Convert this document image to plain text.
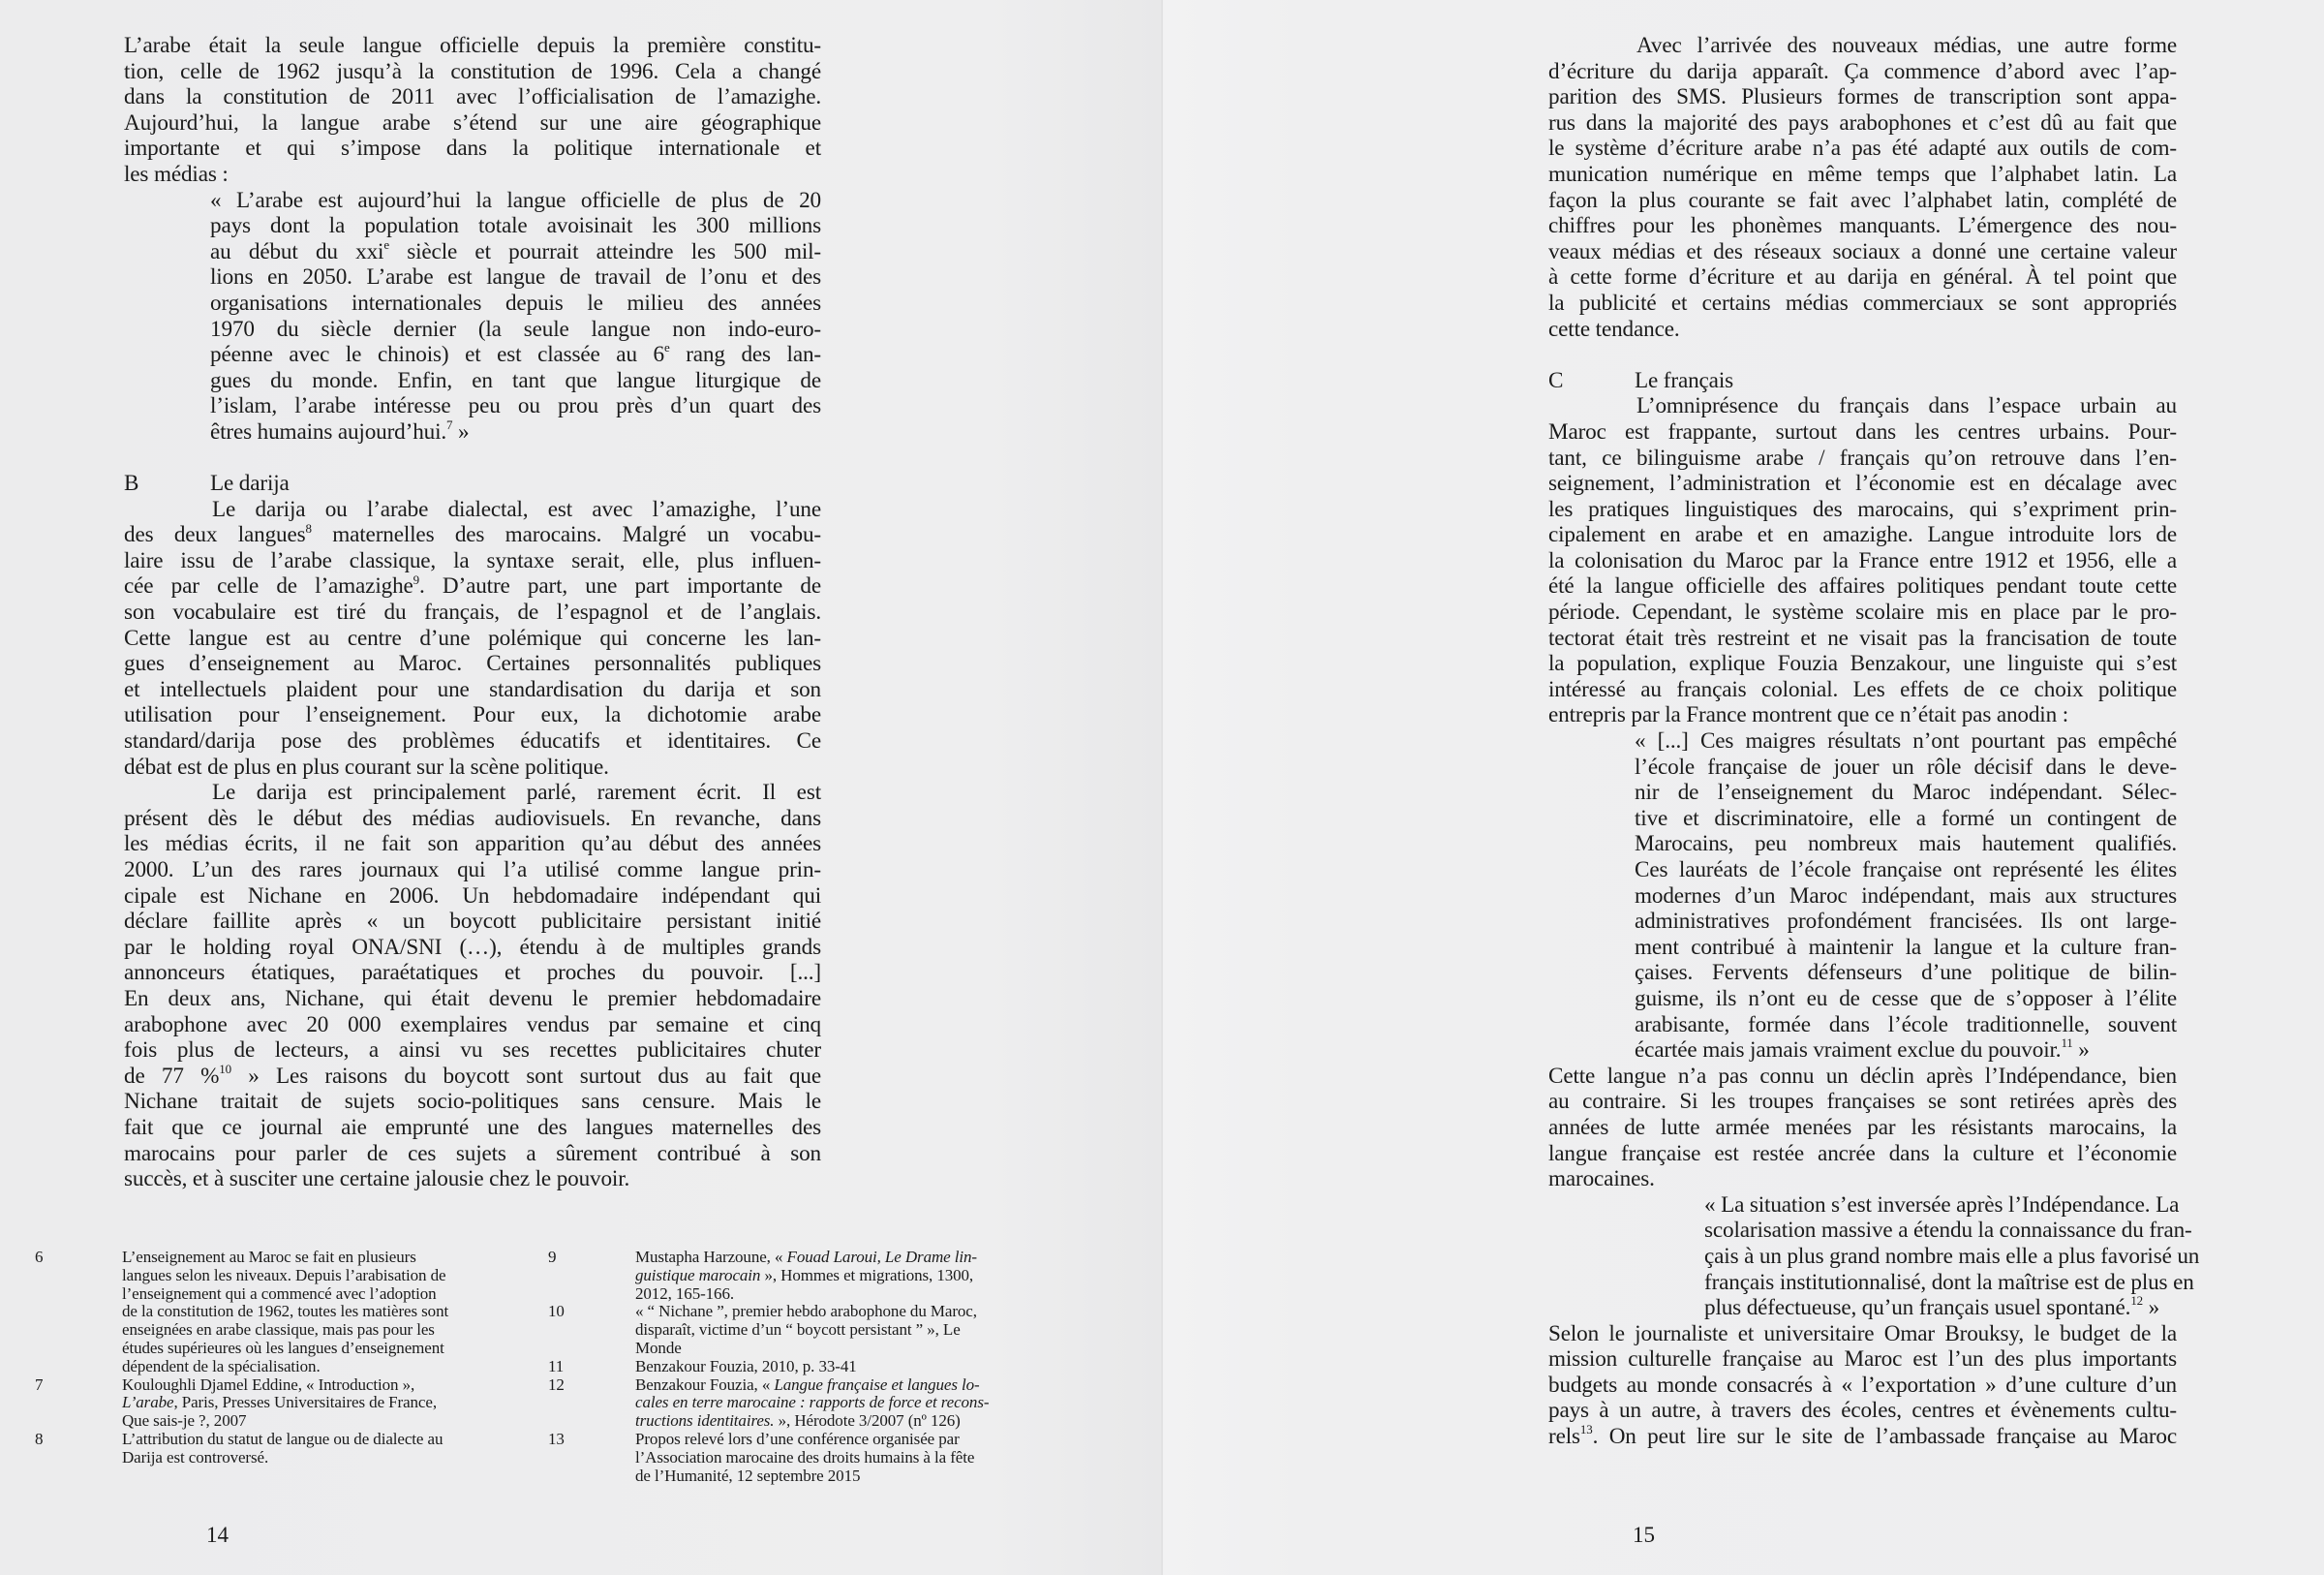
L’arabe était la seule langue officielle depuis la première constitu-
tion, celle de 1962 jusqu’à la constitution de 1996. Cela a changé
dans la constitution de 2011 avec l’officialisation de l’amazighe.
Aujourd’hui, la langue arabe s’étend sur une aire géographique
importante et qui s’impose dans la politique internationale et
les médias :
« L’arabe est aujourd’hui la langue officielle de plus de 20
pays dont la population totale avoisinait les 300 millions
au début du xxi$^e$ siècle et pourrait atteindre les 500 mil-
lions en 2050. L’arabe est langue de travail de l’onu et des
organisations internationales depuis le milieu des années
1970 du siècle dernier (la seule langue non indo-euro-
péenne avec le chinois) et est classée au 6e rang des lan-
gues du monde. Enfin, en tant que langue liturgique de
l’islam, l’arabe intéresse peu ou prou près d’un quart des
êtres humains aujourd’hui.$^7$ »
B	Le darija
Le darija ou l’arabe dialectal, est avec l’amazighe, l’une
des deux langues$^8$ maternelles des marocains. Malgré un vocabu-
laire issu de l’arabe classique, la syntaxe serait, elle, plus influen-
cée par celle de l’amazighe$^9$. D’autre part, une part importante de
son vocabulaire est tiré du français, de l’espagnol et de l’anglais.
Cette langue est au centre d’une polémique qui concerne les lan-
gues d’enseignement au Maroc. Certaines personnalités publiques
et intellectuels plaident pour une standardisation du darija et son
utilisation pour l’enseignement. Pour eux, la dichotomie arabe
standard/darija pose des problèmes éducatifs et identitaires. Ce
débat est de plus en plus courant sur la scène politique.
Le darija est principalement parlé, rarement écrit. Il est
présent dès le début des médias audiovisuels. En revanche, dans
les médias écrits, il ne fait son apparition qu’au début des années
2000. L’un des rares journaux qui l’a utilisé comme langue prin-
cipale est Nichane en 2006. Un hebdomadaire indépendant qui
déclare faillite après « un boycott publicitaire persistant initié
par le holding royal ONA/SNI (…), étendu à de multiples grands
annonceurs étatiques, paraétatiques et proches du pouvoir. [...]
En deux ans, Nichane, qui était devenu le premier hebdomadaire
arabophone avec 20 000 exemplaires vendus par semaine et cinq
fois plus de lecteurs, a ainsi vu ses recettes publicitaires chuter
de 77 %$^{10}$ » Les raisons du boycott sont surtout dus au fait que
Nichane traitait de sujets socio-politiques sans censure. Mais le
fait que ce journal aie emprunté une des langues maternelles des
marocains pour parler de ces sujets a sûrement contribué à son
succès, et à susciter une certaine jalousie chez le pouvoir.
6	L’enseignement au Maroc se fait en plusieurs
langues selon les niveaux. Depuis l’arabisation de
l’enseignement qui a commencé avec l’adoption
de la constitution de 1962, toutes les matières sont
enseignées en arabe classique, mais pas pour les
études supérieures où les langues d’enseignement
dépendent de la spécialisation.
7	Kouloughli Djamel Eddine, « Introduction »,
L’arabe, Paris, Presses Universitaires de France,
Que sais-je ?, 2007
8	L’attribution du statut de langue ou de dialecte au
Darija est controversé.
9	Mustapha Harzoune, « Fouad Laroui, Le Drame lin-
guistique marocain », Hommes et migrations, 1300,
2012, 165-166.
10	« “ Nichane ”, premier hebdo arabophone du Maroc,
disparaît, victime d’un “ boycott persistant ” », Le
Monde
11	Benzakour Fouzia, 2010, p. 33-41
12	Benzakour Fouzia, « Langue française et langues lo-
cales en terre marocaine : rapports de force et recons-
tructions identitaires. », Hérodote 3/2007 (nº 126)
13	Propos relevé lors d’une conférence organisée par
l’Association marocaine des droits humains à la fête
de l’Humanité, 12 septembre 2015
14
Avec l’arrivée des nouveaux médias, une autre forme
d’écriture du darija apparaît. Ça commence d’abord avec l’ap-
parition des SMS. Plusieurs formes de transcription sont appa-
rus dans la majorité des pays arabophones et c’est dû au fait que
le système d’écriture arabe n’a pas été adapté aux outils de com-
munication numérique en même temps que l’alphabet latin. La
façon la plus courante se fait avec l’alphabet latin, complété de
chiffres pour les phonèmes manquants. L’émergence des nou-
veaux médias et des réseaux sociaux a donné une certaine valeur
à cette forme d’écriture et au darija en général. À tel point que
la publicité et certains médias commerciaux se sont appropriés
cette tendance.
C	Le français
L’omniprésence du français dans l’espace urbain au
Maroc est frappante, surtout dans les centres urbains. Pour-
tant, ce bilinguisme arabe / français qu’on retrouve dans l’en-
seignement, l’administration et l’économie est en décalage avec
les pratiques linguistiques des marocains, qui s’expriment prin-
cipalement en arabe et en amazighe. Langue introduite lors de
la colonisation du Maroc par la France entre 1912 et 1956, elle a
été la langue officielle des affaires politiques pendant toute cette
période. Cependant, le système scolaire mis en place par le pro-
tectorat était très restreint et ne visait pas la francisation de toute
la population, explique Fouzia Benzakour, une linguiste qui s’est
intéressé au français colonial. Les effets de ce choix politique
entrepris par la France montrent que ce n’était pas anodin :
« [...] Ces maigres résultats n’ont pourtant pas empêché
l’école française de jouer un rôle décisif dans le deve-
nir de l’enseignement du Maroc indépendant. Sélec-
tive et discriminatoire, elle a formé un contingent de
Marocains, peu nombreux mais hautement qualifiés.
Ces lauréats de l’école française ont représenté les élites
modernes d’un Maroc indépendant, mais aux structures
administratives profondément francisées. Ils ont large-
ment contribué à maintenir la langue et la culture fran-
çaises. Fervents défenseurs d’une politique de bilin-
guisme, ils n’ont eu de cesse que de s’opposer à l’élite
arabisante, formée dans l’école traditionnelle, souvent
écartée mais jamais vraiment exclue du pouvoir.$^{11}$ »
Cette langue n’a pas connu un déclin après l’Indépendance, bien
au contraire. Si les troupes françaises se sont retirées après des
années de lutte armée menées par les résistants marocains, la
langue française est restée ancrée dans la culture et l’économie
marocaines.
« La situation s’est inversée après l’Indépendance. La
scolarisation massive a étendu la connaissance du fran-
çais à un plus grand nombre mais elle a plus favorisé un
français institutionnalisé, dont la maîtrise est de plus en
plus défectueuse, qu’un français usuel spontané.$^{12}$ »
Selon le journaliste et universitaire Omar Brouksy, le budget de la
mission culturelle française au Maroc est l’un des plus importants
budgets au monde consacrés à « l’exportation » d’une culture d’un
pays à un autre, à travers des écoles, centres et évènements cultu-
rels$^{13}$. On peut lire sur le site de l’ambassade française au Maroc
15
